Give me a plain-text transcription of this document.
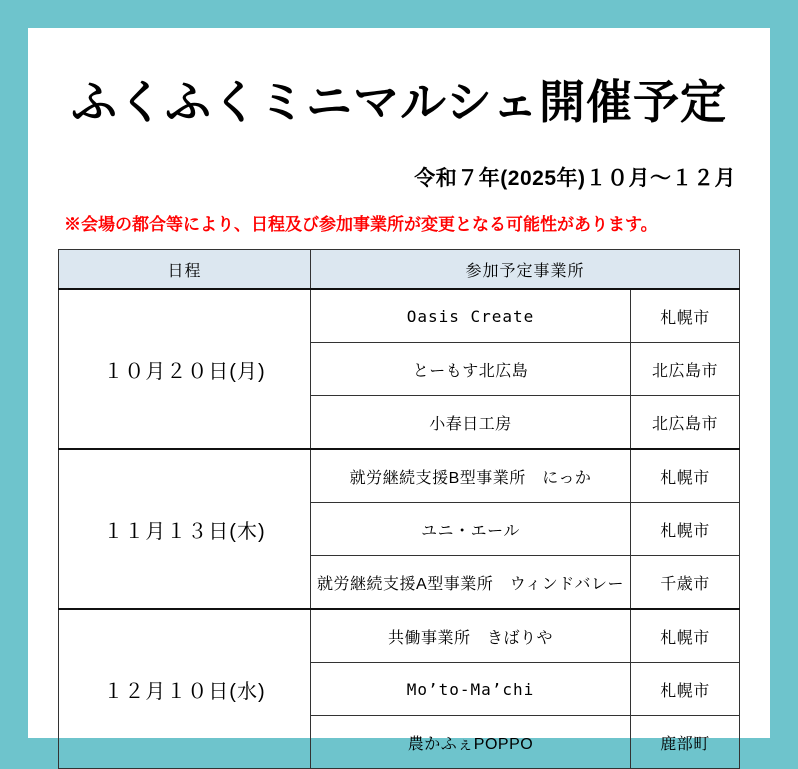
ふくふくミニマルシェ開催予定

令和７年(2025年)１０月〜１２月

※会場の都合等により、日程及び参加事業所が変更となる可能性があります。

日程	参加予定事業所	
１０月２０日(月)	Oasis Create	札幌市
	とーもす北広島	北広島市
	小春日工房	北広島市
１１月１３日(木)	就労継続支援B型事業所　にっか	札幌市
	ユニ・エール	札幌市
	就労継続支援A型事業所　ウィンドバレー	千歳市
１２月１０日(水)	共働事業所　きばりや	札幌市
	Mo’to-Ma’chi	札幌市
	農かふぇPOPPO	鹿部町
